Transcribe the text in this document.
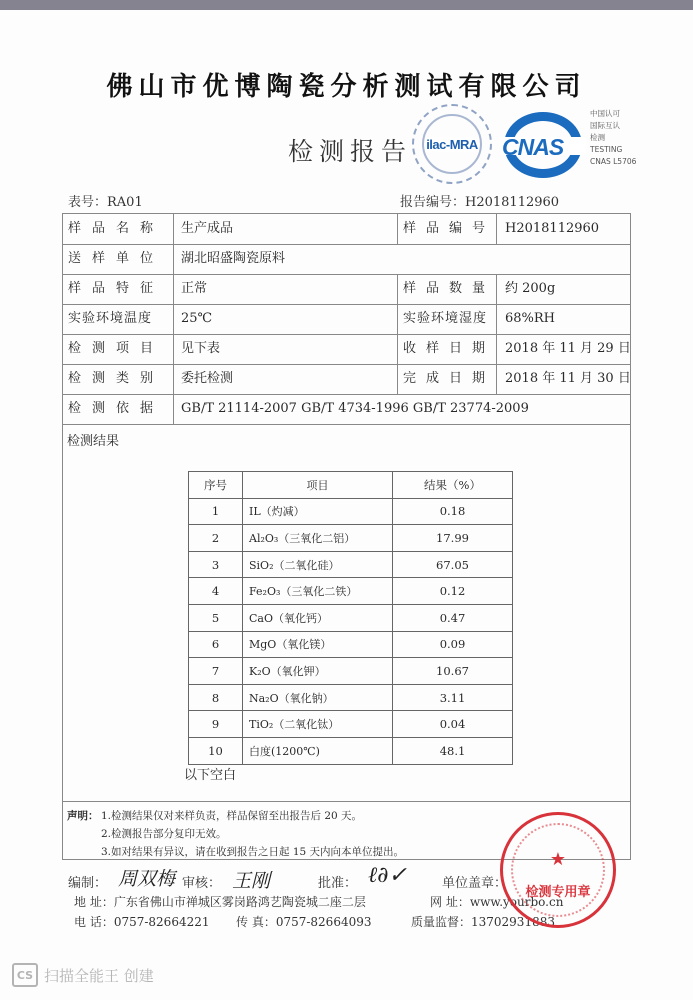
佛山市优博陶瓷分析测试有限公司
检测报告 ilac-MRA CNAS
中国认可
国际互认
检测
TESTING
CNAS L5706
表号：RA01	报告编号：H2018112960
样品名称	生产成品	样品编号 H2018112960
送样单位	湖北昭盛陶瓷原料
样品特征	正常	样品数量 约 200g
实验环境温度	25℃	实验环境湿度	68%RH
检测项目	见下表	收样日期 2018 年 11 月 29 日
检测类别	委托检测	完成日期 2018 年 11 月 30 日
检测依据	GB/T 21114-2007 GB/T 4734-1996 GB/T 23774-2009
检测结果
序号	项目	结果（%）
1	IL（灼减）	0.18
2	Al₂O₃（三氧化二铝）	17.99
3	SiO₂（二氧化硅）	67.05
4	Fe₂O₃（三氧化二铁）	0.12
5	CaO（氧化钙）	0.47
6	MgO（氧化镁）	0.09
7	K₂O（氧化钾）	10.67
8	Na₂O（氧化钠）	3.11
9	TiO₂（二氧化钛）	0.04
10	白度(1200℃)	48.1
以下空白
声明： 1.检测结果仅对来样负责，样品保留至出报告后 20 天。
2.检测报告部分复印无效。
3.如对结果有异议，请在收到报告之日起 15 天内向本单位提出。
编制： 周双梅 审核： 王刚	批准： ℓ∂✓	单位盖章：
地 址：广东省佛山市禅城区雾岗路鸿艺陶瓷城二座二层	网 址：www.yourbo.cn
电 话：0757-82664221 传 真：0757-82664093	质量监督：13702931883
★
检测专用章
CS 扫描全能王 创建
